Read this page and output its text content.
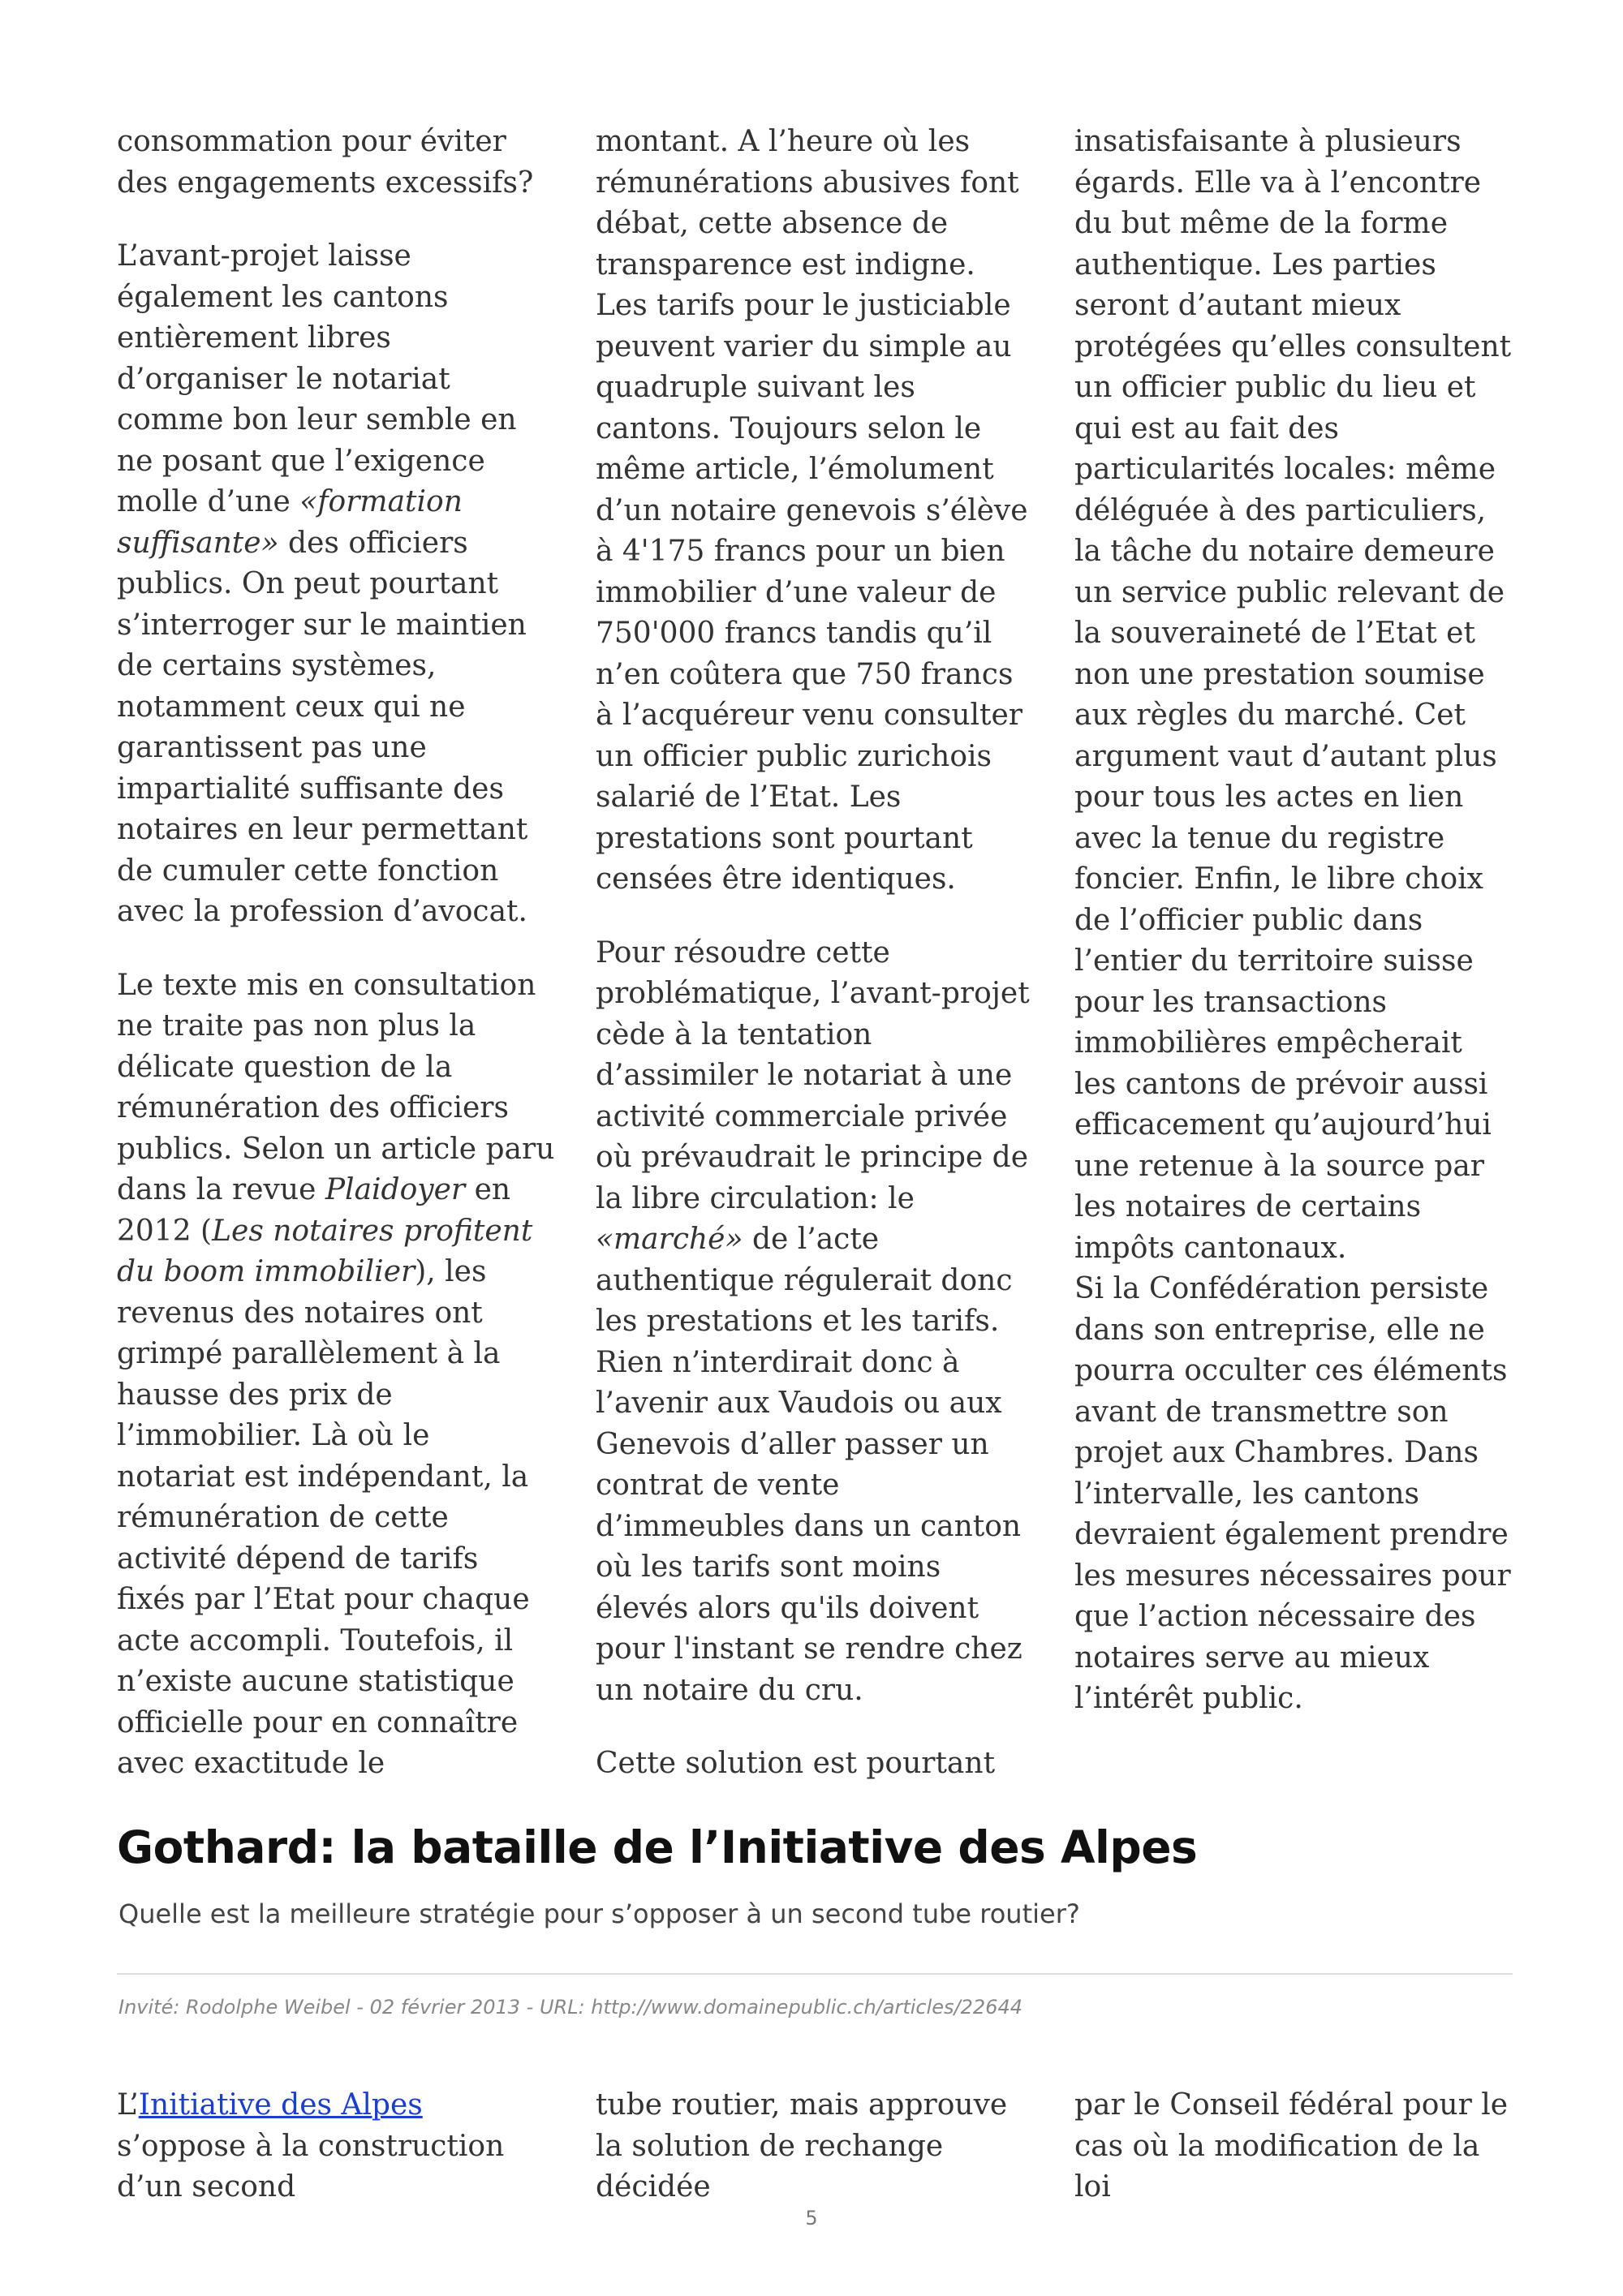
consommation pour éviter des engagements excessifs?

L’avant-projet laisse également les cantons entièrement libres d’organiser le notariat comme bon leur semble en ne posant que l’exigence molle d’une «formation suffisante» des officiers publics. On peut pourtant s’interroger sur le maintien de certains systèmes, notamment ceux qui ne garantissent pas une impartialité suffisante des notaires en leur permettant de cumuler cette fonction avec la profession d’avocat.

Le texte mis en consultation ne traite pas non plus la délicate question de la rémunération des officiers publics. Selon un article paru dans la revue Plaidoyer en 2012 (Les notaires profitent du boom immobilier), les revenus des notaires ont grimpé parallèlement à la hausse des prix de l’immobilier. Là où le notariat est indépendant, la rémunération de cette activité dépend de tarifs fixés par l’Etat pour chaque acte accompli. Toutefois, il n’existe aucune statistique officielle pour en connaître avec exactitude le

montant. A l’heure où les rémunérations abusives font débat, cette absence de transparence est indigne. Les tarifs pour le justiciable peuvent varier du simple au quadruple suivant les cantons. Toujours selon le même article, l’émolument d’un notaire genevois s’élève à 4'175 francs pour un bien immobilier d’une valeur de 750'000 francs tandis qu’il n’en coûtera que 750 francs à l’acquéreur venu consulter un officier public zurichois salarié de l’Etat. Les prestations sont pourtant censées être identiques.

Pour résoudre cette problématique, l’avant-projet cède à la tentation d’assimiler le notariat à une activité commerciale privée où prévaudrait le principe de la libre circulation: le «marché» de l’acte authentique régulerait donc les prestations et les tarifs. Rien n’interdirait donc à l’avenir aux Vaudois ou aux Genevois d’aller passer un contrat de vente d’immeubles dans un canton où les tarifs sont moins élevés alors qu'ils doivent pour l'instant se rendre chez un notaire du cru.

Cette solution est pourtant

insatisfaisante à plusieurs égards. Elle va à l’encontre du but même de la forme authentique. Les parties seront d’autant mieux protégées qu’elles consultent un officier public du lieu et qui est au fait des particularités locales: même déléguée à des particuliers, la tâche du notaire demeure un service public relevant de la souveraineté de l’Etat et non une prestation soumise aux règles du marché. Cet argument vaut d’autant plus pour tous les actes en lien avec la tenue du registre foncier. Enfin, le libre choix de l’officier public dans l’entier du territoire suisse pour les transactions immobilières empêcherait les cantons de prévoir aussi efficacement qu’aujourd’hui une retenue à la source par les notaires de certains impôts cantonaux.

Si la Confédération persiste dans son entreprise, elle ne pourra occulter ces éléments avant de transmettre son projet aux Chambres. Dans l’intervalle, les cantons devraient également prendre les mesures nécessaires pour que l’action nécessaire des notaires serve au mieux l’intérêt public.

Gothard: la bataille de l’Initiative des Alpes

Quelle est la meilleure stratégie pour s’opposer à un second tube routier?

Invité: Rodolphe Weibel - 02 février 2013 - URL: http://www.domainepublic.ch/articles/22644

L’Initiative des Alpes s’oppose à la construction d’un second

tube routier, mais approuve la solution de rechange décidée

par le Conseil fédéral pour le cas où la modification de la loi

5
